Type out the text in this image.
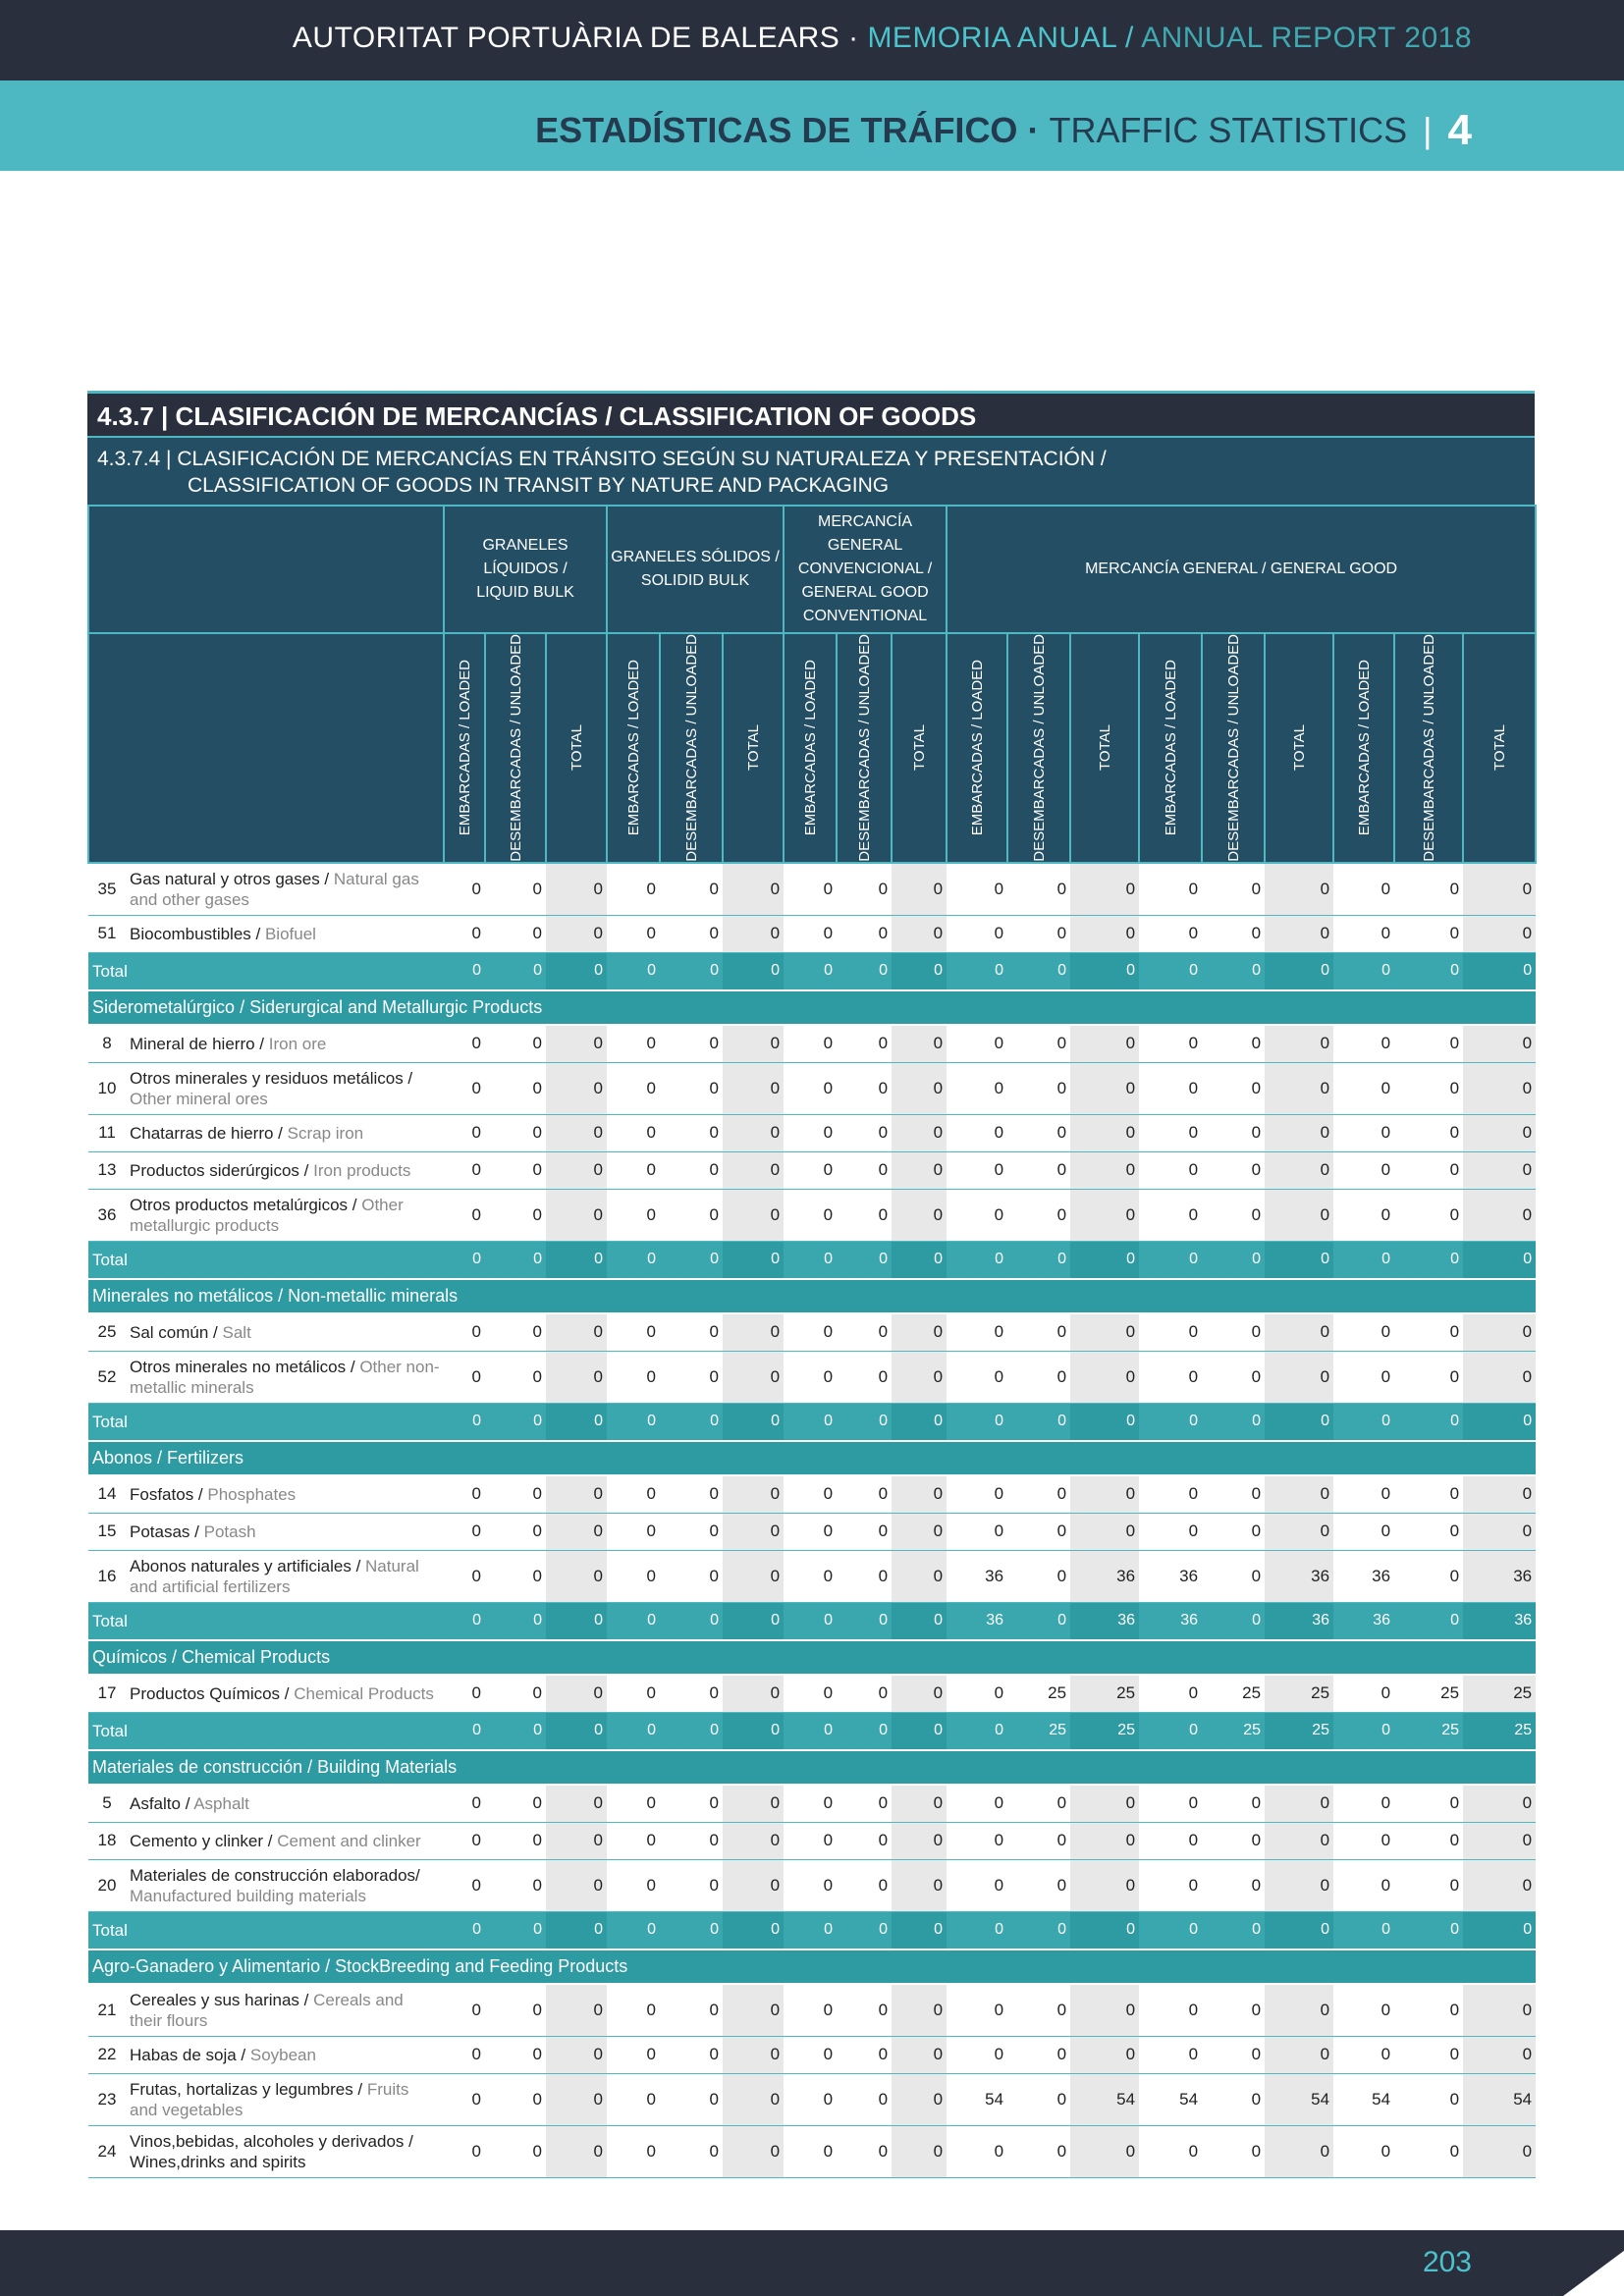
AUTORITAT PORTUÀRIA DE BALEARS · MEMORIA ANUAL / ANNUAL REPORT 2018
ESTADÍSTICAS DE TRÁFICO · TRAFFIC STATISTICS | 4
4.3.7 | CLASIFICACIÓN DE MERCANCÍAS / CLASSIFICATION OF GOODS
4.3.7.4 | CLASIFICACIÓN DE MERCANCÍAS EN TRÁNSITO SEGÚN SU NATURALEZA Y PRESENTACIÓN /
CLASSIFICATION OF GOODS IN TRANSIT BY NATURE AND PACKAGING

		GRANELES LÍQUIDOS /
LIQUID BULK			GRANELES SÓLIDOS /
SOLIDID BULK			MERCANCÍA GENERAL
CONVENCIONAL /
GENERAL GOOD
CONVENTIONAL			MERCANCÍA GENERAL / GENERAL GOOD								

		EMBARCADAS / LOADED	DESEMBARCADAS / UNLOADED	TOTAL	EMBARCADAS / LOADED	DESEMBARCADAS / UNLOADED	TOTAL	EMBARCADAS / LOADED	DESEMBARCADAS / UNLOADED	TOTAL	EMBARCADAS / LOADED	DESEMBARCADAS / UNLOADED	TOTAL	EMBARCADAS / LOADED	DESEMBARCADAS / UNLOADED	TOTAL	EMBARCADAS / LOADED	DESEMBARCADAS / UNLOADED	TOTAL

35	Gas natural y otros gases / Natural gas and other gases	0	0	0	0	0	0	0	0	0	0	0	0	0	0	0	0	0	0
51	Biocombustibles / Biofuel	0	0	0	0	0	0	0	0	0	0	0	0	0	0	0	0	0	0
Total		0	0	0	0	0	0	0	0	0	0	0	0	0	0	0	0	0	0
Siderometalúrgico / Siderurgical and Metallurgic Products																			
8	Mineral de hierro / Iron ore	0	0	0	0	0	0	0	0	0	0	0	0	0	0	0	0	0	0
10	Otros minerales y residuos metálicos / Other mineral ores	0	0	0	0	0	0	0	0	0	0	0	0	0	0	0	0	0	0
11	Chatarras de hierro / Scrap iron	0	0	0	0	0	0	0	0	0	0	0	0	0	0	0	0	0	0
13	Productos siderúrgicos / Iron products	0	0	0	0	0	0	0	0	0	0	0	0	0	0	0	0	0	0
36	Otros productos metalúrgicos / Other metallurgic products	0	0	0	0	0	0	0	0	0	0	0	0	0	0	0	0	0	0
Total		0	0	0	0	0	0	0	0	0	0	0	0	0	0	0	0	0	0
Minerales no metálicos / Non-metallic minerals																			
25	Sal común / Salt	0	0	0	0	0	0	0	0	0	0	0	0	0	0	0	0	0	0
52	Otros minerales no metálicos / Other non-metallic minerals	0	0	0	0	0	0	0	0	0	0	0	0	0	0	0	0	0	0
Total		0	0	0	0	0	0	0	0	0	0	0	0	0	0	0	0	0	0
Abonos / Fertilizers																			
14	Fosfatos / Phosphates	0	0	0	0	0	0	0	0	0	0	0	0	0	0	0	0	0	0
15	Potasas / Potash	0	0	0	0	0	0	0	0	0	0	0	0	0	0	0	0	0	0
16	Abonos naturales y artificiales / Natural and artificial fertilizers	0	0	0	0	0	0	0	0	0	36	0	36	36	0	36	36	0	36
Total		0	0	0	0	0	0	0	0	0	36	0	36	36	0	36	36	0	36
Químicos / Chemical Products																			
17	Productos Químicos / Chemical Products	0	0	0	0	0	0	0	0	0	0	25	25	0	25	25	0	25	25
Total		0	0	0	0	0	0	0	0	0	0	25	25	0	25	25	0	25	25
Materiales de construcción / Building Materials																			
5	Asfalto / Asphalt	0	0	0	0	0	0	0	0	0	0	0	0	0	0	0	0	0	0
18	Cemento y clinker / Cement and clinker	0	0	0	0	0	0	0	0	0	0	0	0	0	0	0	0	0	0
20	Materiales de construcción elaborados/ Manufactured building materials	0	0	0	0	0	0	0	0	0	0	0	0	0	0	0	0	0	0
Total		0	0	0	0	0	0	0	0	0	0	0	0	0	0	0	0	0	0
Agro-Ganadero y Alimentario / StockBreeding and Feeding Products																			
21	Cereales y sus harinas / Cereals and their flours	0	0	0	0	0	0	0	0	0	0	0	0	0	0	0	0	0	0
22	Habas de soja / Soybean	0	0	0	0	0	0	0	0	0	0	0	0	0	0	0	0	0	0
23	Frutas, hortalizas y legumbres / Fruits and vegetables	0	0	0	0	0	0	0	0	0	54	0	54	54	0	54	54	0	54
24	Vinos,bebidas, alcoholes y derivados / Wines,drinks and spirits	0	0	0	0	0	0	0	0	0	0	0	0	0	0	0	0	0	0
203
